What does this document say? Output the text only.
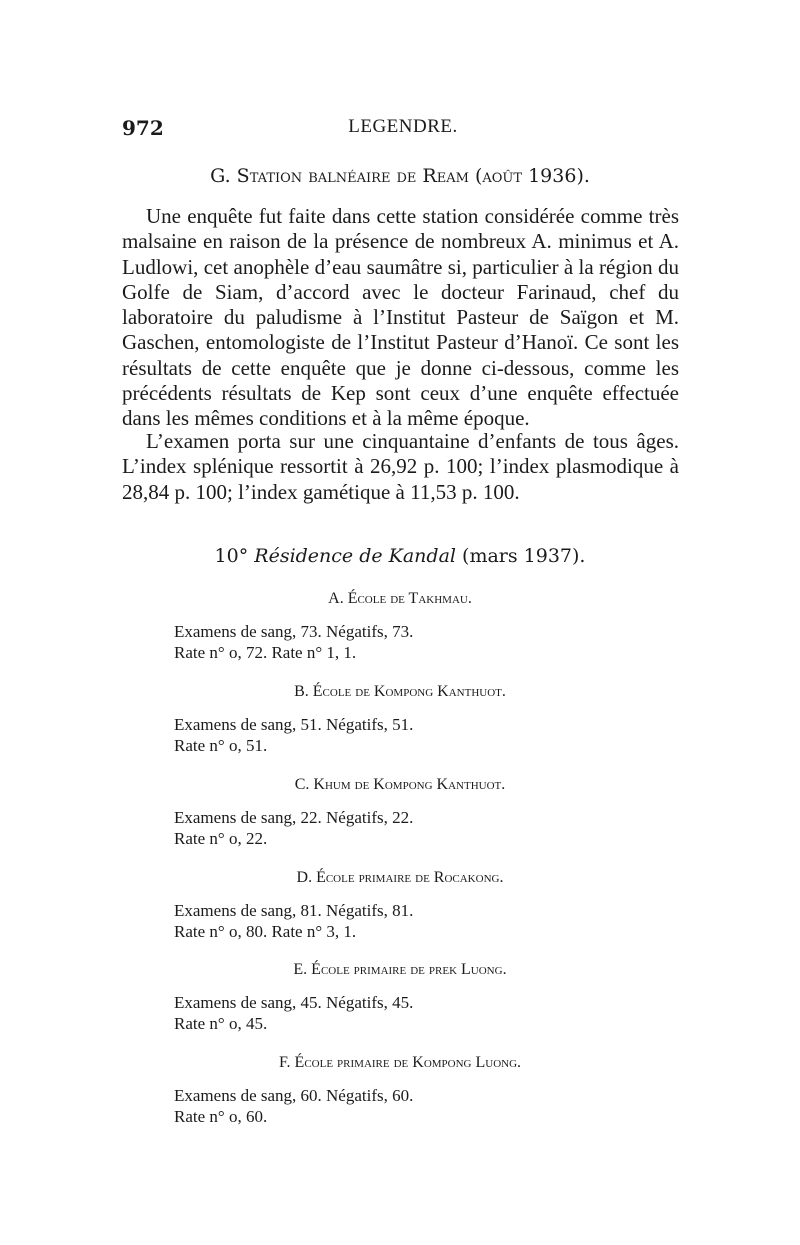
972	LEGENDRE.
G. Station balnéaire de Ream (août 1936).

Une enquête fut faite dans cette station considérée comme très malsaine en raison de la présence de nombreux A. minimus et A. Ludlowi, cet anophèle d’eau saumâtre si, particulier à la région du Golfe de Siam, d’accord avec le docteur Farinaud, chef du laboratoire du paludisme à l’Institut Pasteur de Saïgon et M. Gaschen, entomologiste de l’Institut Pasteur d’Hanoï. Ce sont les résultats de cette enquête que je donne ci-dessous, comme les précédents résultats de Kep sont ceux d’une enquête effectuée dans les mêmes conditions et à la même époque.

L’examen porta sur une cinquantaine d’enfants de tous âges. L’index splénique ressortit à 26,92 p. 100; l’index plasmodique à 28,84 p. 100; l’index gamétique à 11,53 p. 100.

10° Résidence de Kandal (mars 1937).
A. École de Takhmau.
Examens de sang, 73. Négatifs, 73.
Rate n° o, 72. Rate n° 1, 1.
B. École de Kompong Kanthuot.
Examens de sang, 51. Négatifs, 51.
Rate n° o, 51.
C. Khum de Kompong Kanthuot.
Examens de sang, 22. Négatifs, 22.
Rate n° o, 22.
D. École primaire de Rocakong.
Examens de sang, 81. Négatifs, 81.
Rate n° o, 80. Rate n° 3, 1.
E. École primaire de prek Luong.
Examens de sang, 45. Négatifs, 45.
Rate n° o, 45.
F. École primaire de Kompong Luong.
Examens de sang, 60. Négatifs, 60.
Rate n° o, 60.
